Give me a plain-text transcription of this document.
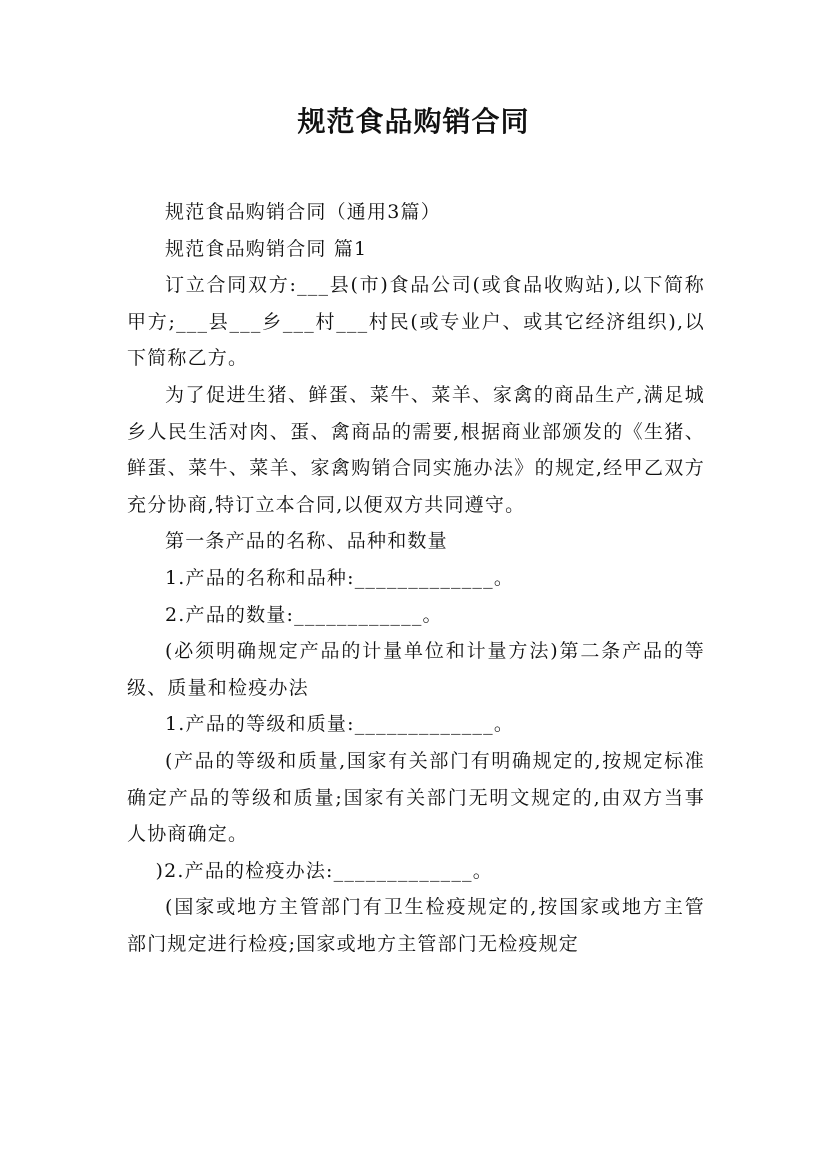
规范食品购销合同

规范食品购销合同（通用3篇）

规范食品购销合同 篇1

订立合同双方:___县(市)食品公司(或食品收购站),以下简称甲方;___县___乡___村___村民(或专业户、或其它经济组织),以下简称乙方。

为了促进生猪、鲜蛋、菜牛、菜羊、家禽的商品生产,满足城乡人民生活对肉、蛋、禽商品的需要,根据商业部颁发的《生猪、鲜蛋、菜牛、菜羊、家禽购销合同实施办法》的规定,经甲乙双方充分协商,特订立本合同,以便双方共同遵守。

第一条产品的名称、品种和数量

1.产品的名称和品种:_____________。

2.产品的数量:____________。

(必须明确规定产品的计量单位和计量方法)第二条产品的等级、质量和检疫办法

1.产品的等级和质量:_____________。

(产品的等级和质量,国家有关部门有明确规定的,按规定标准确定产品的等级和质量;国家有关部门无明文规定的,由双方当事人协商确定。

)2.产品的检疫办法:_____________。

(国家或地方主管部门有卫生检疫规定的,按国家或地方主管部门规定进行检疫;国家或地方主管部门无检疫规定
